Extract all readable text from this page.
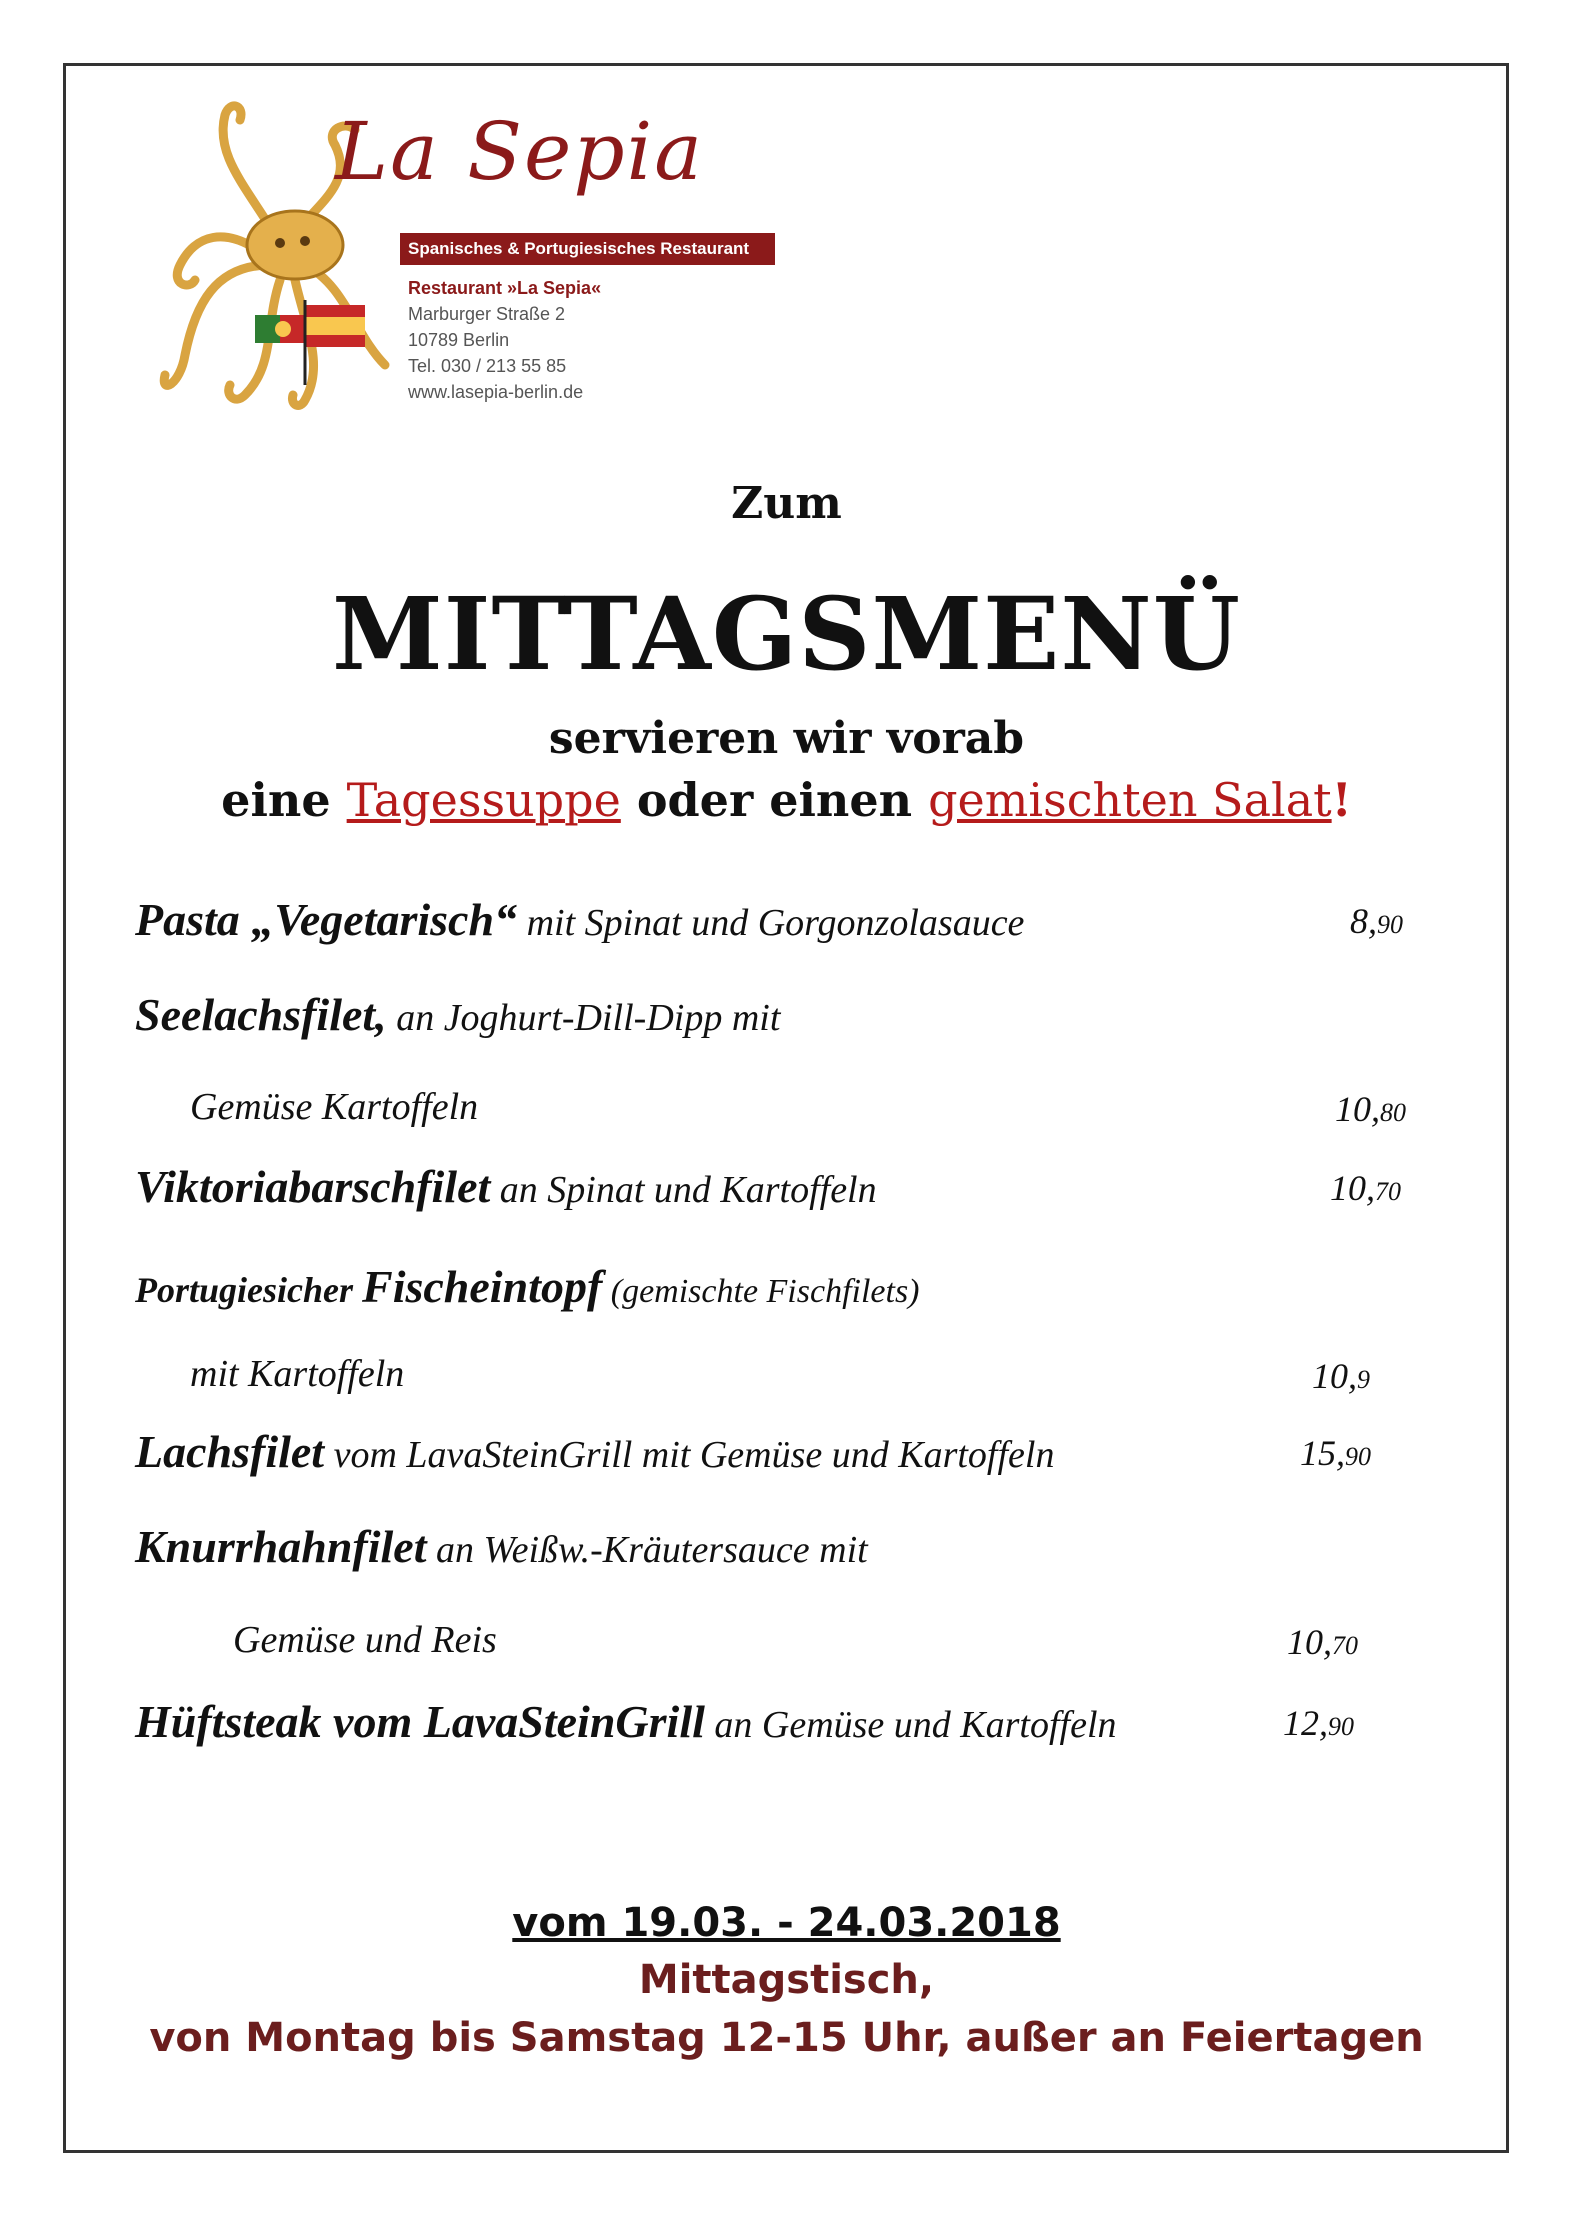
La Sepia
Spanisches & Portugiesisches Restaurant
Restaurant »La Sepia«
Marburger Straße 2
10789 Berlin
Tel. 030 / 213 55 85
www.lasepia-berlin.de
Zum
MITTAGSMENÜ
servieren wir vorab
eine Tagessuppe oder einen gemischten Salat!
Pasta „Vegetarisch“ mit Spinat und Gorgonzolasauce	8,90
Seelachsfilet, an Joghurt-Dill-Dipp mit
Gemüse Kartoffeln	10,80
Viktoriabarschfilet an Spinat und Kartoffeln	10,70
Portugiesicher Fischeintopf (gemischte Fischfilets)
mit Kartoffeln	10,9
Lachsfilet vom LavaSteinGrill mit Gemüse und Kartoffeln	15,90
Knurrhahnfilet an Weißw.-Kräutersauce mit
Gemüse und Reis	10,70
Hüftsteak vom LavaSteinGrill an Gemüse und Kartoffeln	12,90
vom 19.03. - 24.03.2018
Mittagstisch,
von Montag bis Samstag 12-15 Uhr, außer an Feiertagen
